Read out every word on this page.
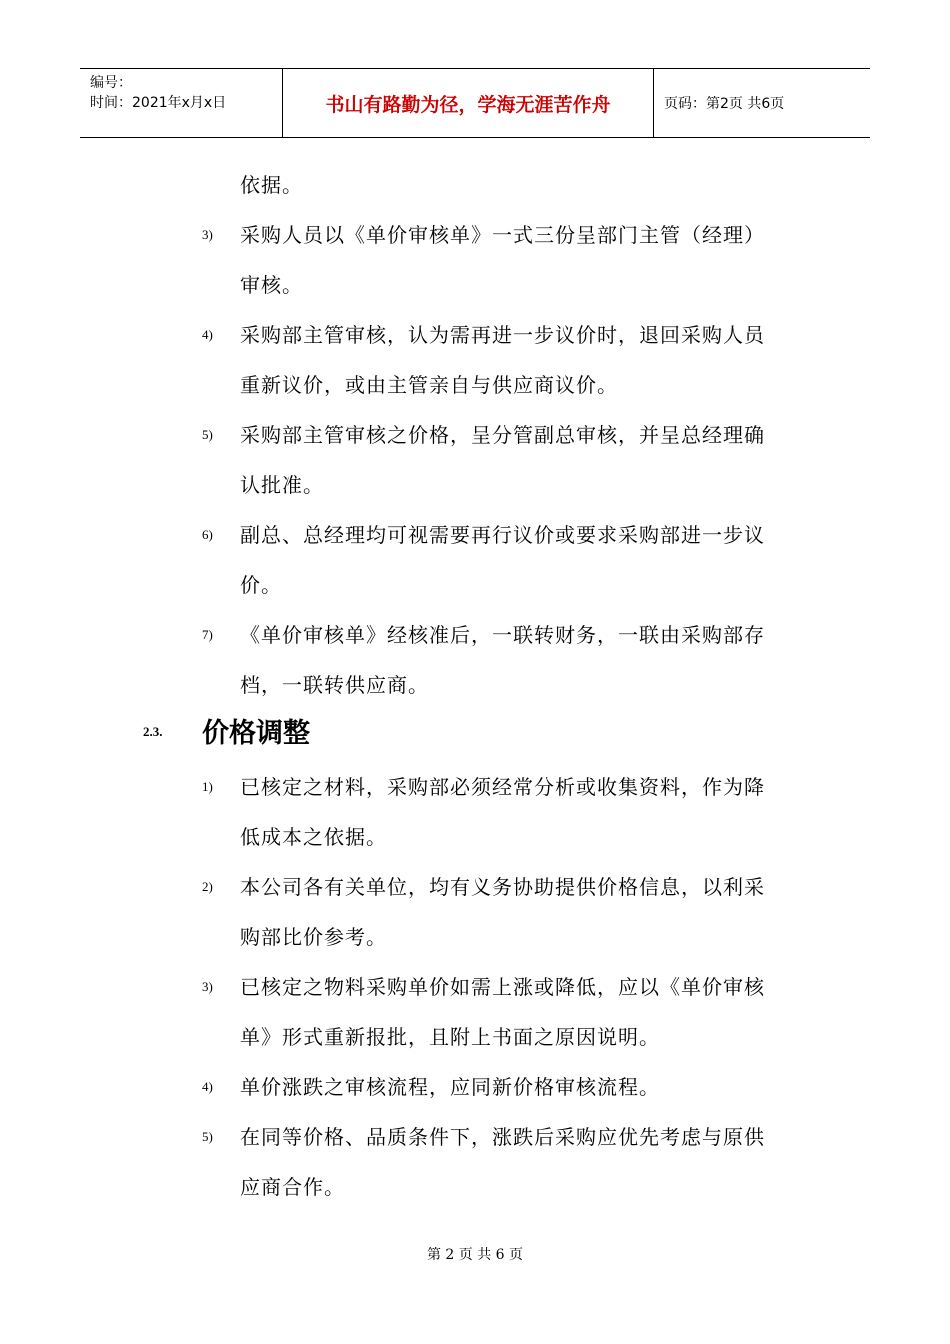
编号：
时间：2021年x月x日	书山有路勤为径，学海无涯苦作舟	页码：第2页 共6页
依据。
3) 采购人员以《单价审核单》一式三份呈部门主管（经理）
审核。
4) 采购部主管审核，认为需再进一步议价时，退回采购人员
重新议价，或由主管亲自与供应商议价。
5) 采购部主管审核之价格，呈分管副总审核，并呈总经理确
认批准。
6) 副总、总经理均可视需要再行议价或要求采购部进一步议
价。
7) 《单价审核单》经核准后，一联转财务，一联由采购部存
档，一联转供应商。
2.3. 价格调整
1) 已核定之材料，采购部必须经常分析或收集资料，作为降
低成本之依据。
2) 本公司各有关单位，均有义务协助提供价格信息，以利采
购部比价参考。
3) 已核定之物料采购单价如需上涨或降低，应以《单价审核
单》形式重新报批，且附上书面之原因说明。
4) 单价涨跌之审核流程，应同新价格审核流程。
5) 在同等价格、品质条件下，涨跌后采购应优先考虑与原供
应商合作。
第 2 页 共 6 页
